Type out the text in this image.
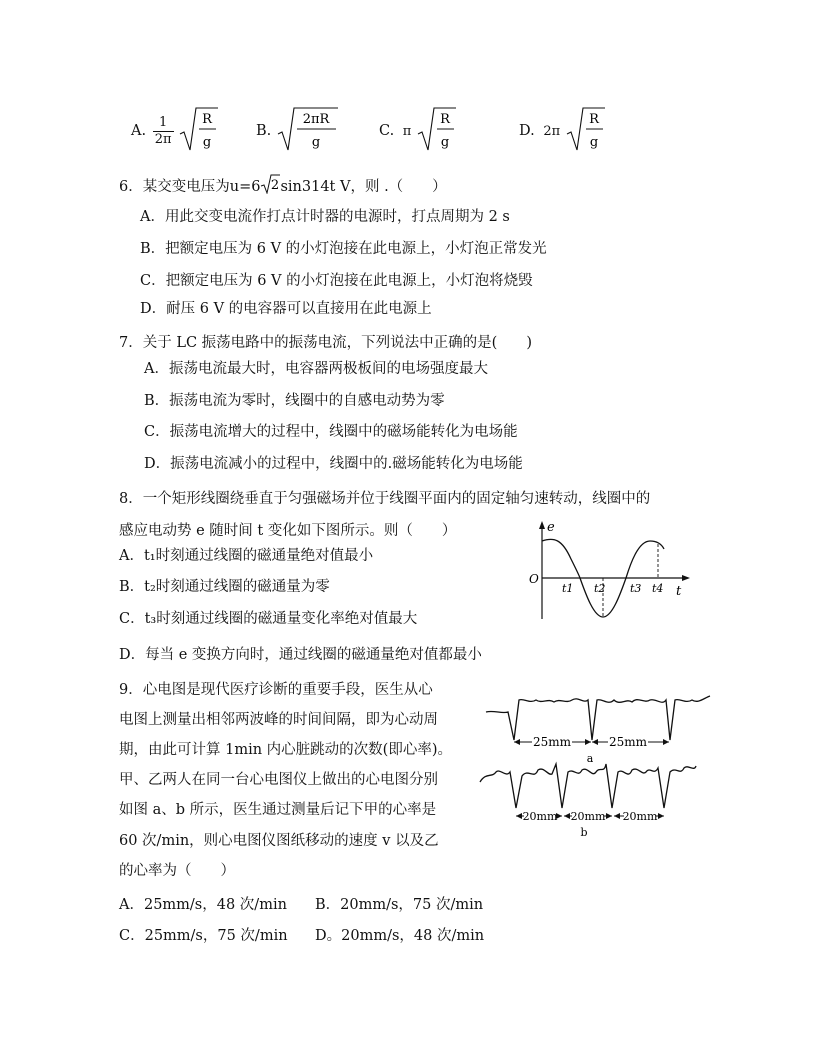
A. $\frac{1}{2\pi}$
R
g
B.
2πR
g
C. π
R
g
D. 2π
R
g
6．某交变电压为u=6 2 sin314t V，则 .（　　）
A．用此交变电流作打点计时器的电源时，打点周期为 2 s
B．把额定电压为 6 V 的小灯泡接在此电源上，小灯泡正常发光
C．把额定电压为 6 V 的小灯泡接在此电源上，小灯泡将烧毁
D．耐压 6 V 的电容器可以直接用在此电源上
7．关于 LC 振荡电路中的振荡电流，下列说法中正确的是(　　)
A．振荡电流最大时，电容器两极板间的电场强度最大
B．振荡电流为零时，线圈中的自感电动势为零
C．振荡电流增大的过程中，线圈中的磁场能转化为电场能
D．振荡电流减小的过程中，线圈中的.磁场能转化为电场能
8．一个矩形线圈绕垂直于匀强磁场并位于线圈平面内的固定轴匀速转动，线圈中的
感应电动势 e 随时间 t 变化如下图所示。则（　　）
A．t₁时刻通过线圈的磁通量绝对值最小
B．t₂时刻通过线圈的磁通量为零
C．t₃时刻通过线圈的磁通量变化率绝对值最大
D．每当 e 变换方向时，通过线圈的磁通量绝对值都最小
e
O
t
t1 t2 t3 t4
9．心电图是现代医疗诊断的重要手段，医生从心
电图上测量出相邻两波峰的时间间隔，即为心动周
期，由此可计算 1min 内心脏跳动的次数(即心率)。
甲、乙两人在同一台心电图仪上做出的心电图分别
如图 a、b 所示，医生通过测量后记下甲的心率是
60 次/min，则心电图仪图纸移动的速度 v 以及乙
的心率为（　　）
A．25mm/s，48 次/min B．20mm/s，75 次/min
C．25mm/s，75 次/min D。20mm/s，48 次/min
25mm	25mm
a
20mm 20mm 20mm
b
